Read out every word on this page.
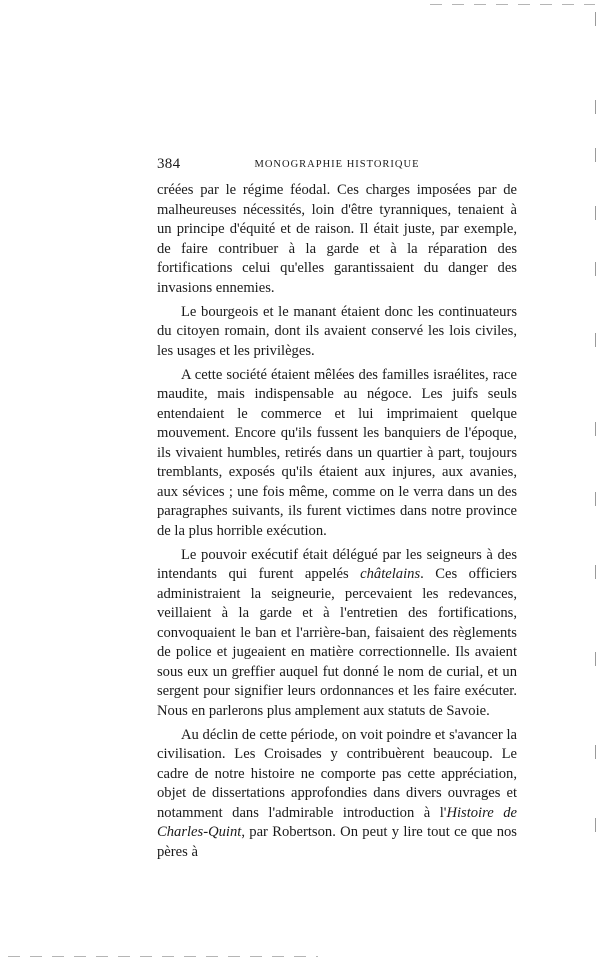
384	MONOGRAPHIE HISTORIQUE

créées par le régime féodal. Ces charges imposées par de malheureuses nécessités, loin d'être tyranniques, tenaient à un principe d'équité et de raison. Il était juste, par exemple, de faire contribuer à la garde et à la réparation des fortifications celui qu'elles garantissaient du danger des invasions ennemies.

Le bourgeois et le manant étaient donc les continuateurs du citoyen romain, dont ils avaient conservé les lois civiles, les usages et les privilèges.

A cette société étaient mêlées des familles israélites, race maudite, mais indispensable au négoce. Les juifs seuls entendaient le commerce et lui imprimaient quelque mouvement. Encore qu'ils fussent les banquiers de l'époque, ils vivaient humbles, retirés dans un quartier à part, toujours tremblants, exposés qu'ils étaient aux injures, aux avanies, aux sévices ; une fois même, comme on le verra dans un des paragraphes suivants, ils furent victimes dans notre province de la plus horrible exécution.

Le pouvoir exécutif était délégué par les seigneurs à des intendants qui furent appelés châtelains. Ces officiers administraient la seigneurie, percevaient les redevances, veillaient à la garde et à l'entretien des fortifications, convoquaient le ban et l'arrière-ban, faisaient des règlements de police et jugeaient en matière correctionnelle. Ils avaient sous eux un greffier auquel fut donné le nom de curial, et un sergent pour signifier leurs ordonnances et les faire exécuter. Nous en parlerons plus amplement aux statuts de Savoie.

Au déclin de cette période, on voit poindre et s'avancer la civilisation. Les Croisades y contribuèrent beaucoup. Le cadre de notre histoire ne comporte pas cette appréciation, objet de dissertations approfondies dans divers ouvrages et notamment dans l'admirable introduction à l'Histoire de Charles-Quint, par Robertson. On peut y lire tout ce que nos pères à
